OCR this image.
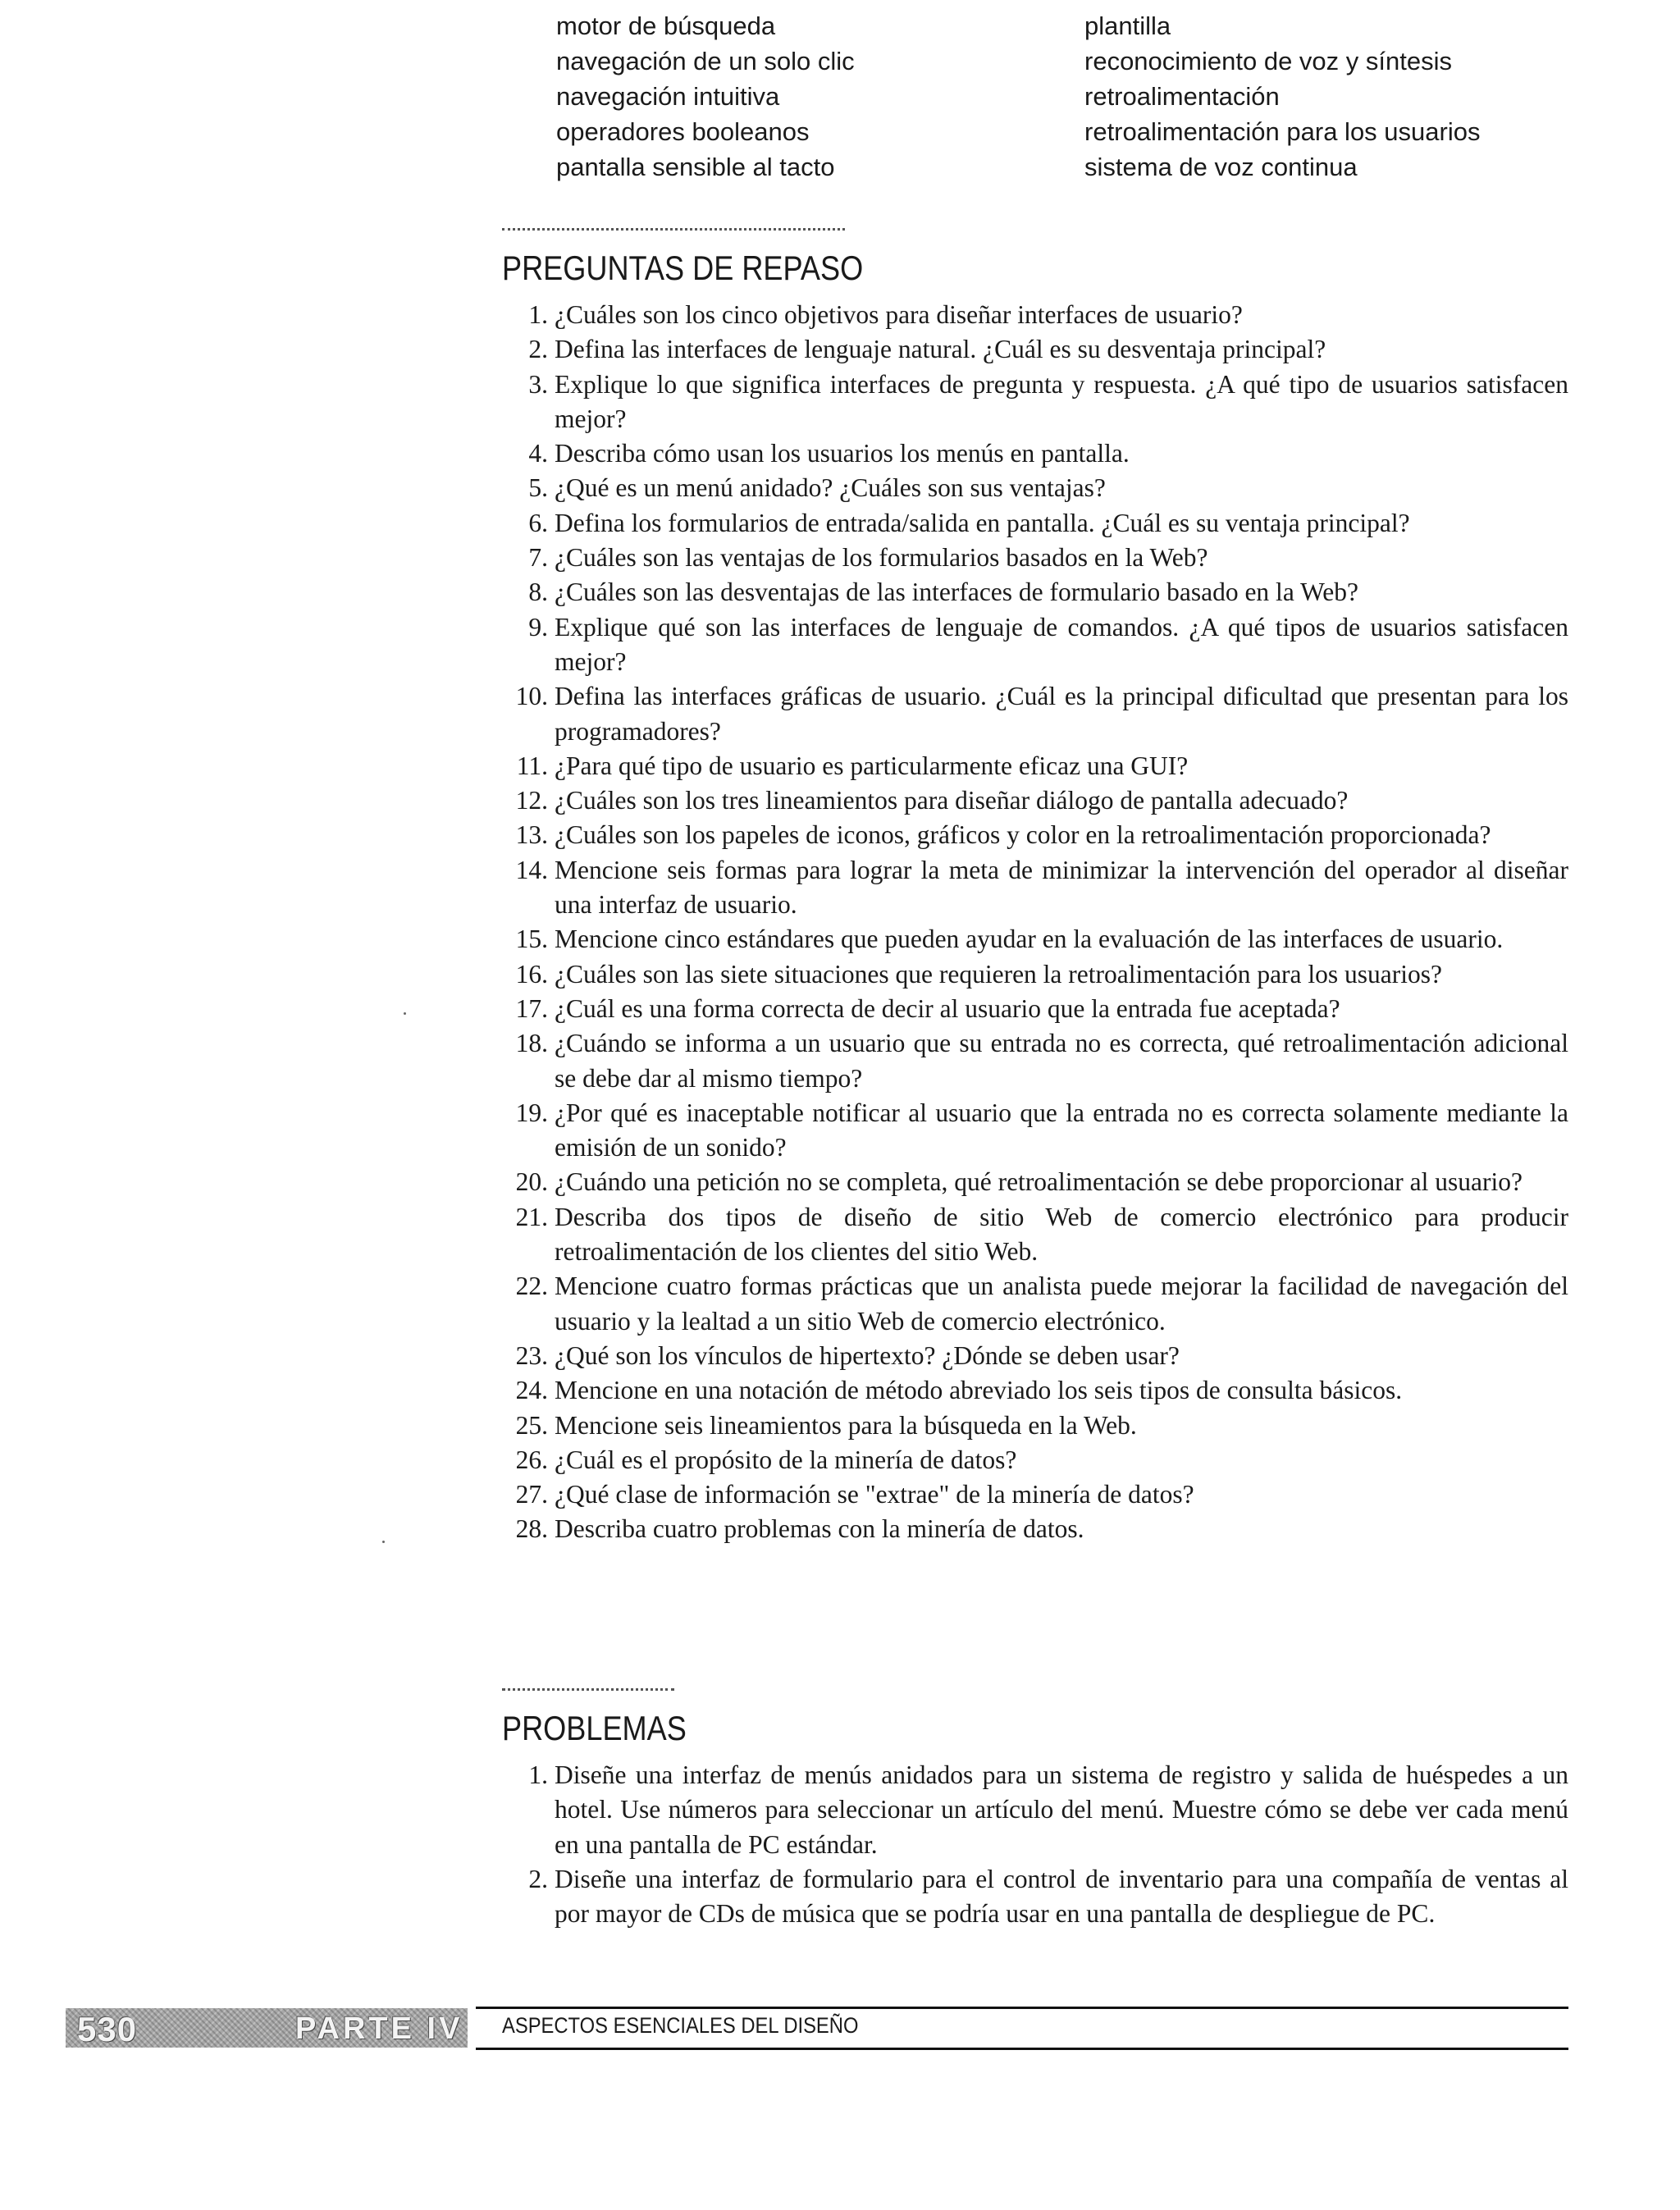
motor de búsqueda
navegación de un solo clic
navegación intuitiva
operadores booleanos
pantalla sensible al tacto
plantilla
reconocimiento de voz y síntesis
retroalimentación
retroalimentación para los usuarios
sistema de voz continua
PREGUNTAS DE REPASO
1. ¿Cuáles son los cinco objetivos para diseñar interfaces de usuario?
2. Defina las interfaces de lenguaje natural. ¿Cuál es su desventaja principal?
3. Explique lo que significa interfaces de pregunta y respuesta. ¿A qué tipo de usuarios satisfacen mejor?
4. Describa cómo usan los usuarios los menús en pantalla.
5. ¿Qué es un menú anidado? ¿Cuáles son sus ventajas?
6. Defina los formularios de entrada/salida en pantalla. ¿Cuál es su ventaja principal?
7. ¿Cuáles son las ventajas de los formularios basados en la Web?
8. ¿Cuáles son las desventajas de las interfaces de formulario basado en la Web?
9. Explique qué son las interfaces de lenguaje de comandos. ¿A qué tipos de usuarios satisfacen mejor?
10. Defina las interfaces gráficas de usuario. ¿Cuál es la principal dificultad que presentan para los programadores?
11. ¿Para qué tipo de usuario es particularmente eficaz una GUI?
12. ¿Cuáles son los tres lineamientos para diseñar diálogo de pantalla adecuado?
13. ¿Cuáles son los papeles de iconos, gráficos y color en la retroalimentación proporcionada?
14. Mencione seis formas para lograr la meta de minimizar la intervención del operador al diseñar una interfaz de usuario.
15. Mencione cinco estándares que pueden ayudar en la evaluación de las interfaces de usuario.
16. ¿Cuáles son las siete situaciones que requieren la retroalimentación para los usuarios?
17. ¿Cuál es una forma correcta de decir al usuario que la entrada fue aceptada?
18. ¿Cuándo se informa a un usuario que su entrada no es correcta, qué retroalimentación adicional se debe dar al mismo tiempo?
19. ¿Por qué es inaceptable notificar al usuario que la entrada no es correcta solamente mediante la emisión de un sonido?
20. ¿Cuándo una petición no se completa, qué retroalimentación se debe proporcionar al usuario?
21. Describa dos tipos de diseño de sitio Web de comercio electrónico para producir retroalimentación de los clientes del sitio Web.
22. Mencione cuatro formas prácticas que un analista puede mejorar la facilidad de navegación del usuario y la lealtad a un sitio Web de comercio electrónico.
23. ¿Qué son los vínculos de hipertexto? ¿Dónde se deben usar?
24. Mencione en una notación de método abreviado los seis tipos de consulta básicos.
25. Mencione seis lineamientos para la búsqueda en la Web.
26. ¿Cuál es el propósito de la minería de datos?
27. ¿Qué clase de información se "extrae" de la minería de datos?
28. Describa cuatro problemas con la minería de datos.
PROBLEMAS
1. Diseñe una interfaz de menús anidados para un sistema de registro y salida de huéspedes a un hotel. Use números para seleccionar un artículo del menú. Muestre cómo se debe ver cada menú en una pantalla de PC estándar.
2. Diseñe una interfaz de formulario para el control de inventario para una compañía de ventas al por mayor de CDs de música que se podría usar en una pantalla de despliegue de PC.
530	PARTE IV ASPECTOS ESENCIALES DEL DISEÑO
